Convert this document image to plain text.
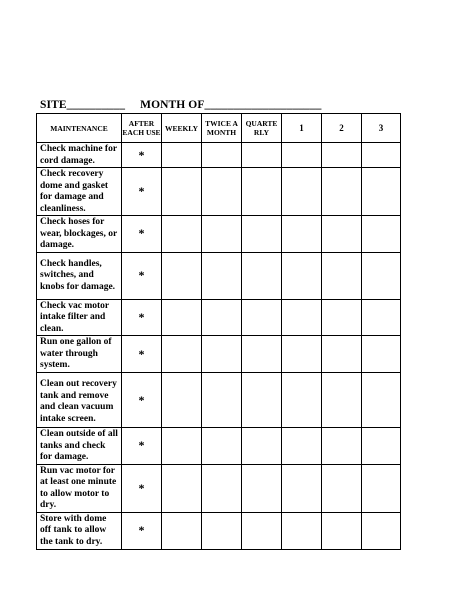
SITE__________ MONTH OF____________________
MAINTENANCE	AFTER EACH USE	WEEKLY	TWICE A MONTH	QUARTE RLY	1	2	3
Check machine for cord damage.	*						
Check recovery dome and gasket for damage and cleanliness.	*						
Check hoses for wear, blockages, or damage.	*						
Check handles, switches, and knobs for damage.	*						
Check vac motor intake filter and clean.	*						
Run one gallon of water through system.	*						
Clean out recovery tank and remove and clean vacuum intake screen.	*						
Clean outside of all tanks and check for damage.	*						
Run vac motor for at least one minute to allow motor to dry.	*						
Store with dome off tank to allow the tank to dry.	*						
